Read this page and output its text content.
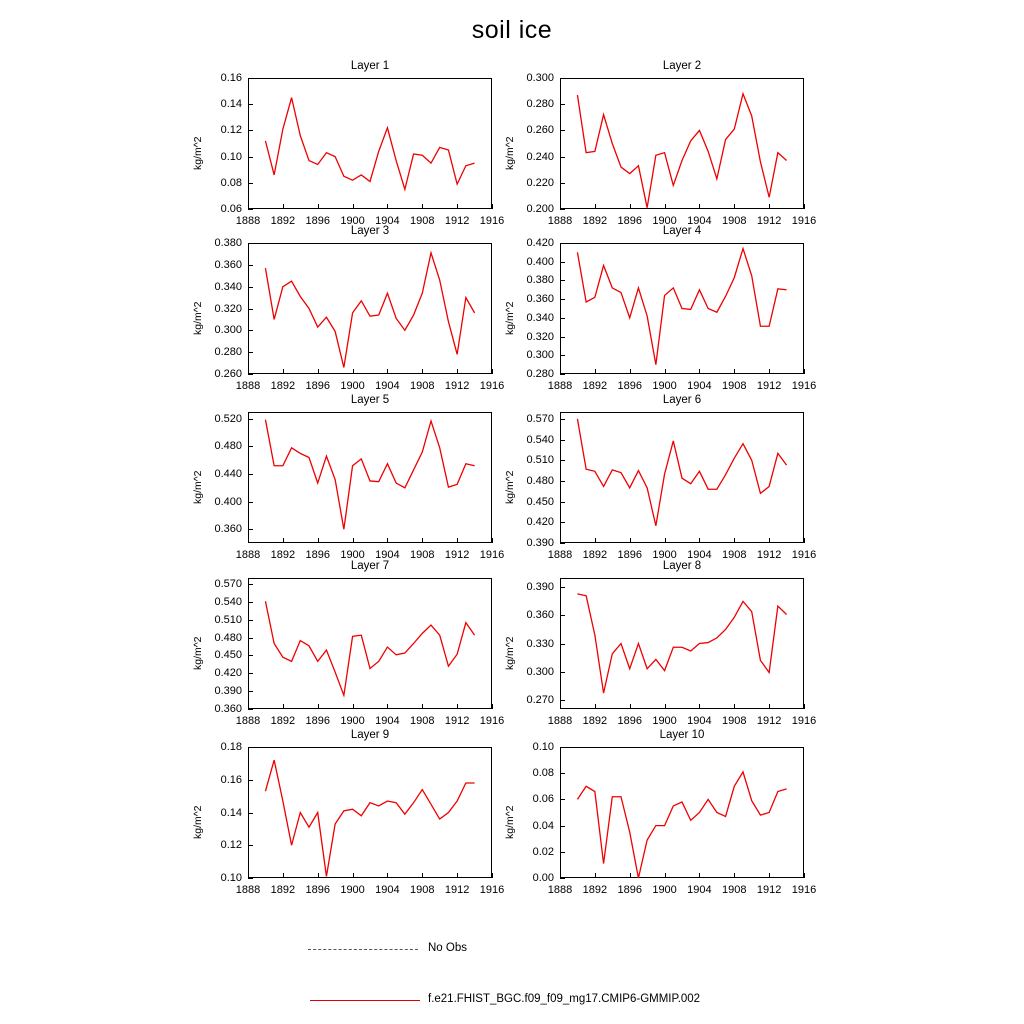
soil ice
Layer 1
kg/m^2
0.06
0.08
0.10
0.12
0.14
0.16
1888 1892 1896 1900 1904 1908 1912 1916
Layer 2
kg/m^2
0.200
0.220
0.240
0.260
0.280
0.300
1888 1892 1896 1900 1904 1908 1912 1916
Layer 3
kg/m^2
0.260
0.280
0.300
0.320
0.340
0.360
0.380
1888 1892 1896 1900 1904 1908 1912 1916
Layer 4
kg/m^2
0.280
0.300
0.320
0.340
0.360
0.380
0.400
0.420
1888 1892 1896 1900 1904 1908 1912 1916
Layer 5
kg/m^2
0.360
0.400
0.440
0.480
0.520
1888 1892 1896 1900 1904 1908 1912 1916
Layer 6
kg/m^2
0.390
0.420
0.450
0.480
0.510
0.540
0.570
1888 1892 1896 1900 1904 1908 1912 1916
Layer 7
kg/m^2
0.360
0.390
0.420
0.450
0.480
0.510
0.540
0.570
1888 1892 1896 1900 1904 1908 1912 1916
Layer 8
kg/m^2
0.270
0.300
0.330
0.360
0.390
1888 1892 1896 1900 1904 1908 1912 1916
Layer 9
kg/m^2
0.10
0.12
0.14
0.16
0.18
1888 1892 1896 1900 1904 1908 1912 1916
Layer 10
kg/m^2
0.00
0.02
0.04
0.06
0.08
0.10
1888 1892 1896 1900 1904 1908 1912 1916
No Obs
f.e21.FHIST_BGC.f09_f09_mg17.CMIP6-GMMIP.002
